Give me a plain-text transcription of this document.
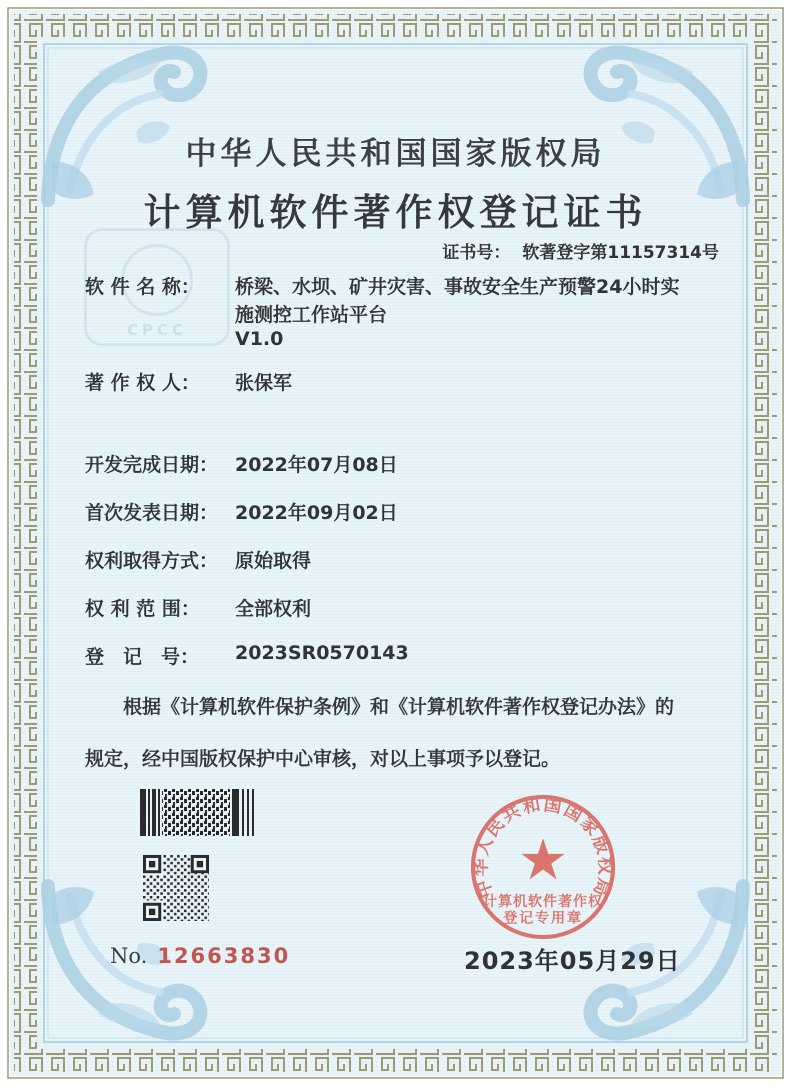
CPCC
中华人民共和国国家版权局
计算机软件著作权登记证书
证书号： 软著登字第11157314号
软 件 名 称： 桥梁、水坝、矿井灾害、事故安全生产预警24小时实
施测控工作站平台
V1.0
著 作 权 人： 张保军
开发完成日期： 2022年07月08日
首次发表日期： 2022年09月02日
权利取得方式： 原始取得
权 利 范 围： 全部权利
登　记　号： 2023SR0570143
根据《计算机软件保护条例》和《计算机软件著作权登记办法》的
规定，经中国版权保护中心审核，对以上事项予以登记。
中华人民共和国国家版权局
★
计算机软件著作权
登记专用章
2023年05月29日
No. 12663830
